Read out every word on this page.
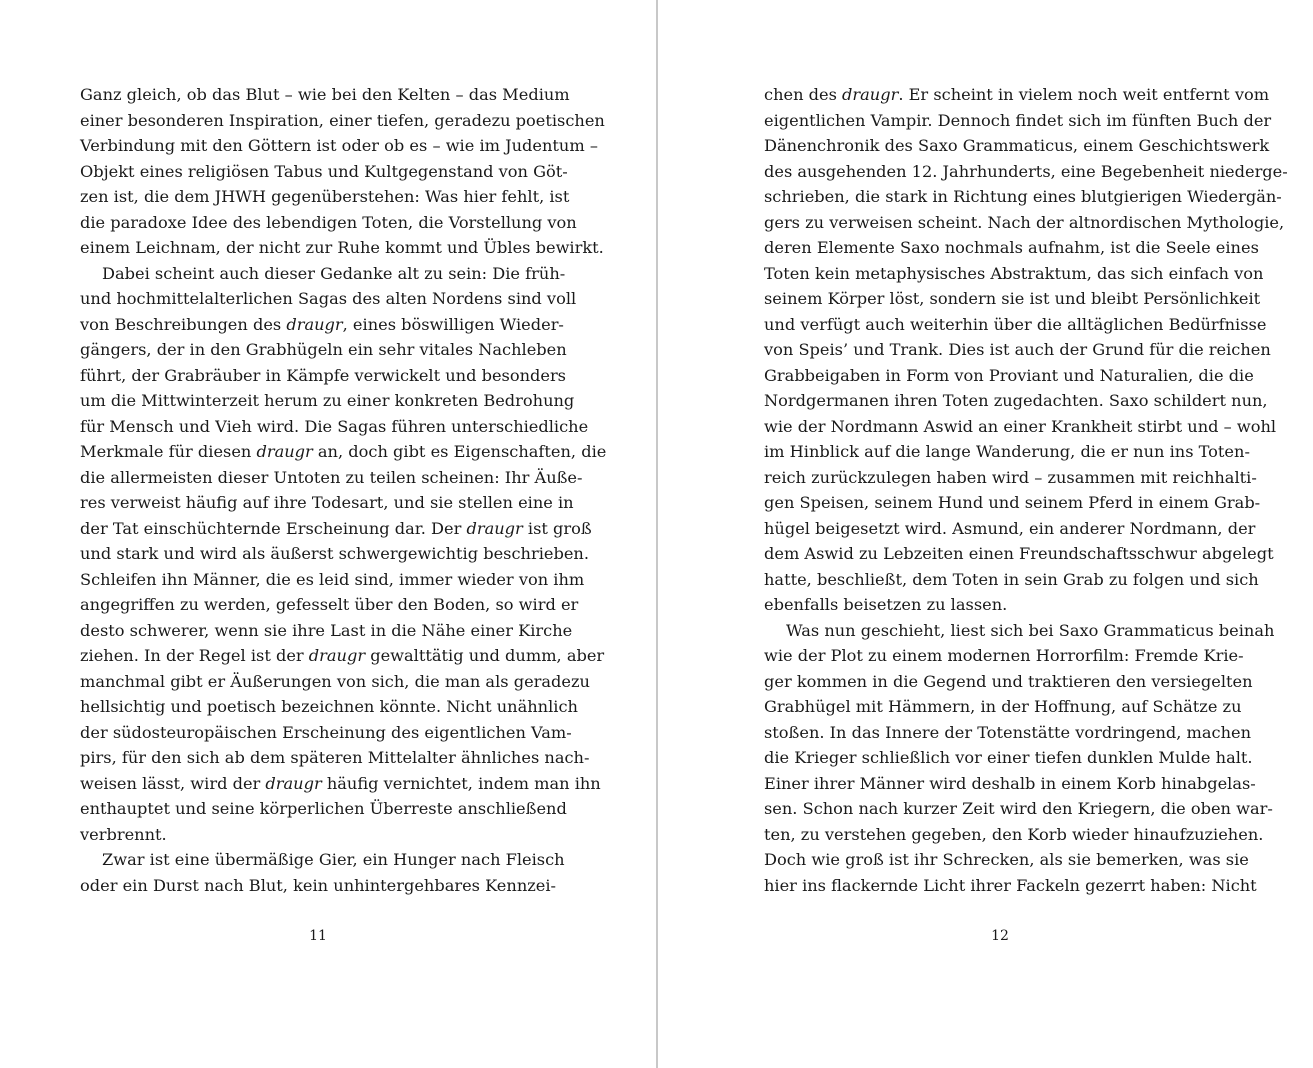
Ganz gleich, ob das Blut – wie bei den Kelten – das Medium
einer besonderen Inspiration, einer tiefen, geradezu poetischen
Verbindung mit den Göttern ist oder ob es – wie im Judentum –
Objekt eines religiösen Tabus und Kultgegenstand von Göt-
zen ist, die dem JHWH gegenüberstehen: Was hier fehlt, ist
die paradoxe Idee des lebendigen Toten, die Vorstellung von
einem Leichnam, der nicht zur Ruhe kommt und Übles bewirkt.
Dabei scheint auch dieser Gedanke alt zu sein: Die früh-
und hochmittelalterlichen Sagas des alten Nordens sind voll
von Beschreibungen des draugr, eines böswilligen Wieder-
gängers, der in den Grabhügeln ein sehr vitales Nachleben
führt, der Grabräuber in Kämpfe verwickelt und besonders
um die Mittwinterzeit herum zu einer konkreten Bedrohung
für Mensch und Vieh wird. Die Sagas führen unterschiedliche
Merkmale für diesen draugr an, doch gibt es Eigenschaften, die
die allermeisten dieser Untoten zu teilen scheinen: Ihr Äuße-
res verweist häufig auf ihre Todesart, und sie stellen eine in
der Tat einschüchternde Erscheinung dar. Der draugr ist groß
und stark und wird als äußerst schwergewichtig beschrieben.
Schleifen ihn Männer, die es leid sind, immer wieder von ihm
angegriffen zu werden, gefesselt über den Boden, so wird er
desto schwerer, wenn sie ihre Last in die Nähe einer Kirche
ziehen. In der Regel ist der draugr gewalttätig und dumm, aber
manchmal gibt er Äußerungen von sich, die man als geradezu
hellsichtig und poetisch bezeichnen könnte. Nicht unähnlich
der südosteuropäischen Erscheinung des eigentlichen Vam-
pirs, für den sich ab dem späteren Mittelalter ähnliches nach-
weisen lässt, wird der draugr häufig vernichtet, indem man ihn
enthauptet und seine körperlichen Überreste anschließend
verbrennt.
Zwar ist eine übermäßige Gier, ein Hunger nach Fleisch
oder ein Durst nach Blut, kein unhintergehbares Kennzei-
chen des draugr. Er scheint in vielem noch weit entfernt vom
eigentlichen Vampir. Dennoch findet sich im fünften Buch der
Dänenchronik des Saxo Grammaticus, einem Geschichtswerk
des ausgehenden 12. Jahrhunderts, eine Begebenheit niederge-
schrieben, die stark in Richtung eines blutgierigen Wiedergän-
gers zu verweisen scheint. Nach der altnordischen Mythologie,
deren Elemente Saxo nochmals aufnahm, ist die Seele eines
Toten kein metaphysisches Abstraktum, das sich einfach von
seinem Körper löst, sondern sie ist und bleibt Persönlichkeit
und verfügt auch weiterhin über die alltäglichen Bedürfnisse
von Speis’ und Trank. Dies ist auch der Grund für die reichen
Grabbeigaben in Form von Proviant und Naturalien, die die
Nordgermanen ihren Toten zugedachten. Saxo schildert nun,
wie der Nordmann Aswid an einer Krankheit stirbt und – wohl
im Hinblick auf die lange Wanderung, die er nun ins Toten-
reich zurückzulegen haben wird – zusammen mit reichhalti-
gen Speisen, seinem Hund und seinem Pferd in einem Grab-
hügel beigesetzt wird. Asmund, ein anderer Nordmann, der
dem Aswid zu Lebzeiten einen Freundschaftsschwur abgelegt
hatte, beschließt, dem Toten in sein Grab zu folgen und sich
ebenfalls beisetzen zu lassen.
Was nun geschieht, liest sich bei Saxo Grammaticus beinah
wie der Plot zu einem modernen Horrorfilm: Fremde Krie-
ger kommen in die Gegend und traktieren den versiegelten
Grabhügel mit Hämmern, in der Hoffnung, auf Schätze zu
stoßen. In das Innere der Totenstätte vordringend, machen
die Krieger schließlich vor einer tiefen dunklen Mulde halt.
Einer ihrer Männer wird deshalb in einem Korb hinabgelas-
sen. Schon nach kurzer Zeit wird den Kriegern, die oben war-
ten, zu verstehen gegeben, den Korb wieder hinaufzuziehen.
Doch wie groß ist ihr Schrecken, als sie bemerken, was sie
hier ins flackernde Licht ihrer Fackeln gezerrt haben: Nicht
11	12
